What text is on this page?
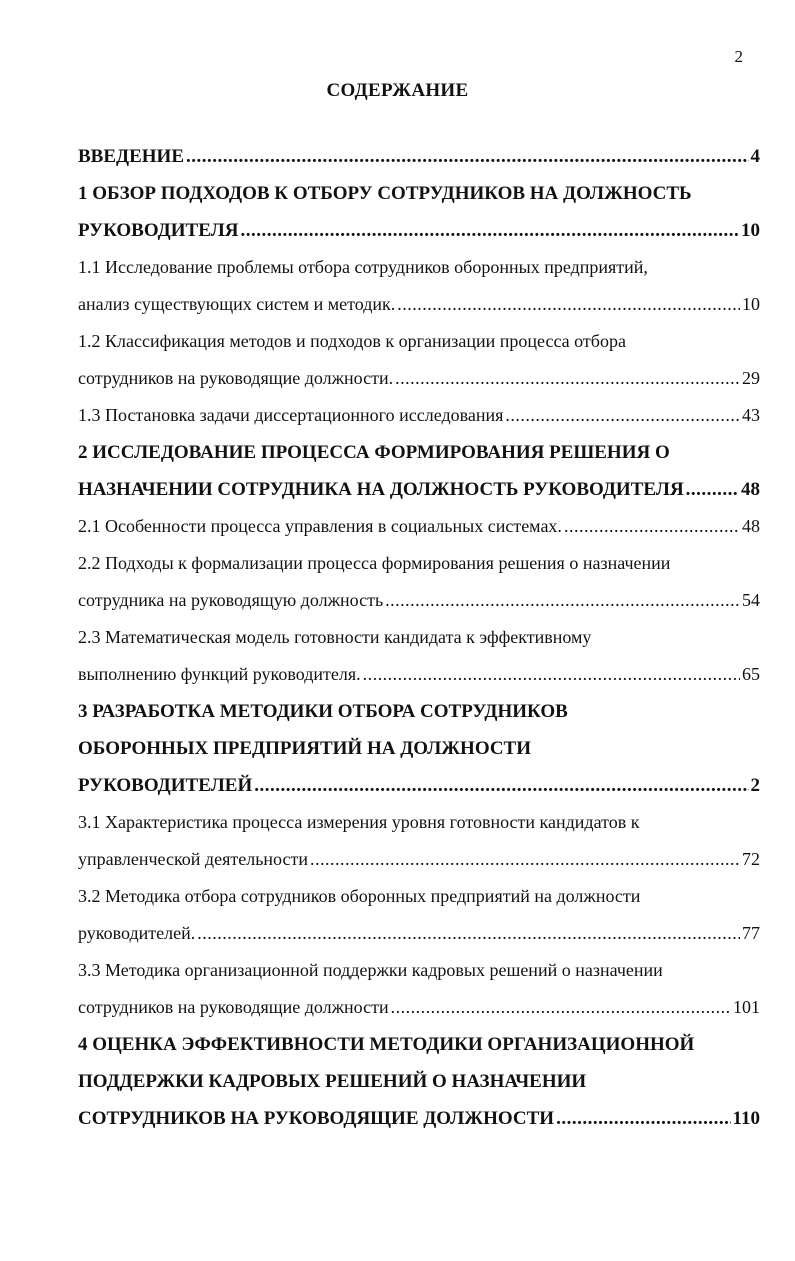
2
СОДЕРЖАНИЕ
ВВЕДЕНИЕ .....	4
1 ОБЗОР ПОДХОДОВ К ОТБОРУ СОТРУДНИКОВ НА ДОЛЖНОСТЬ
РУКОВОДИТЕЛЯ .....	10
1.1 Исследование проблемы отбора сотрудников оборонных предприятий,
анализ существующих систем и методик. .....	10
1.2 Классификация методов и подходов к организации процесса отбора
сотрудников на руководящие должности. .....	29
1.3 Постановка задачи диссертационного исследования .....	43
2 ИССЛЕДОВАНИЕ ПРОЦЕССА ФОРМИРОВАНИЯ РЕШЕНИЯ О
НАЗНАЧЕНИИ СОТРУДНИКА НА ДОЛЖНОСТЬ РУКОВОДИТЕЛЯ .....	48
2.1 Особенности процесса управления в социальных системах. .....	48
2.2 Подходы к формализации процесса формирования решения о назначении
сотрудника на руководящую должность .....	54
2.3 Математическая модель готовности кандидата к эффективному
выполнению функций руководителя. .....	65
3 РАЗРАБОТКА МЕТОДИКИ ОТБОРА СОТРУДНИКОВ
ОБОРОННЫХ ПРЕДПРИЯТИЙ НА ДОЛЖНОСТИ
РУКОВОДИТЕЛЕЙ .....	2
3.1 Характеристика процесса измерения уровня готовности кандидатов к
управленческой деятельности .....	72
3.2 Методика отбора сотрудников оборонных предприятий на должности
руководителей. .....	77
3.3 Методика организационной поддержки кадровых решений о назначении
сотрудников на руководящие должности .....	101
4 ОЦЕНКА ЭФФЕКТИВНОСТИ МЕТОДИКИ ОРГАНИЗАЦИОННОЙ
ПОДДЕРЖКИ КАДРОВЫХ РЕШЕНИЙ О НАЗНАЧЕНИИ
СОТРУДНИКОВ НА РУКОВОДЯЩИЕ ДОЛЖНОСТИ .....	110
